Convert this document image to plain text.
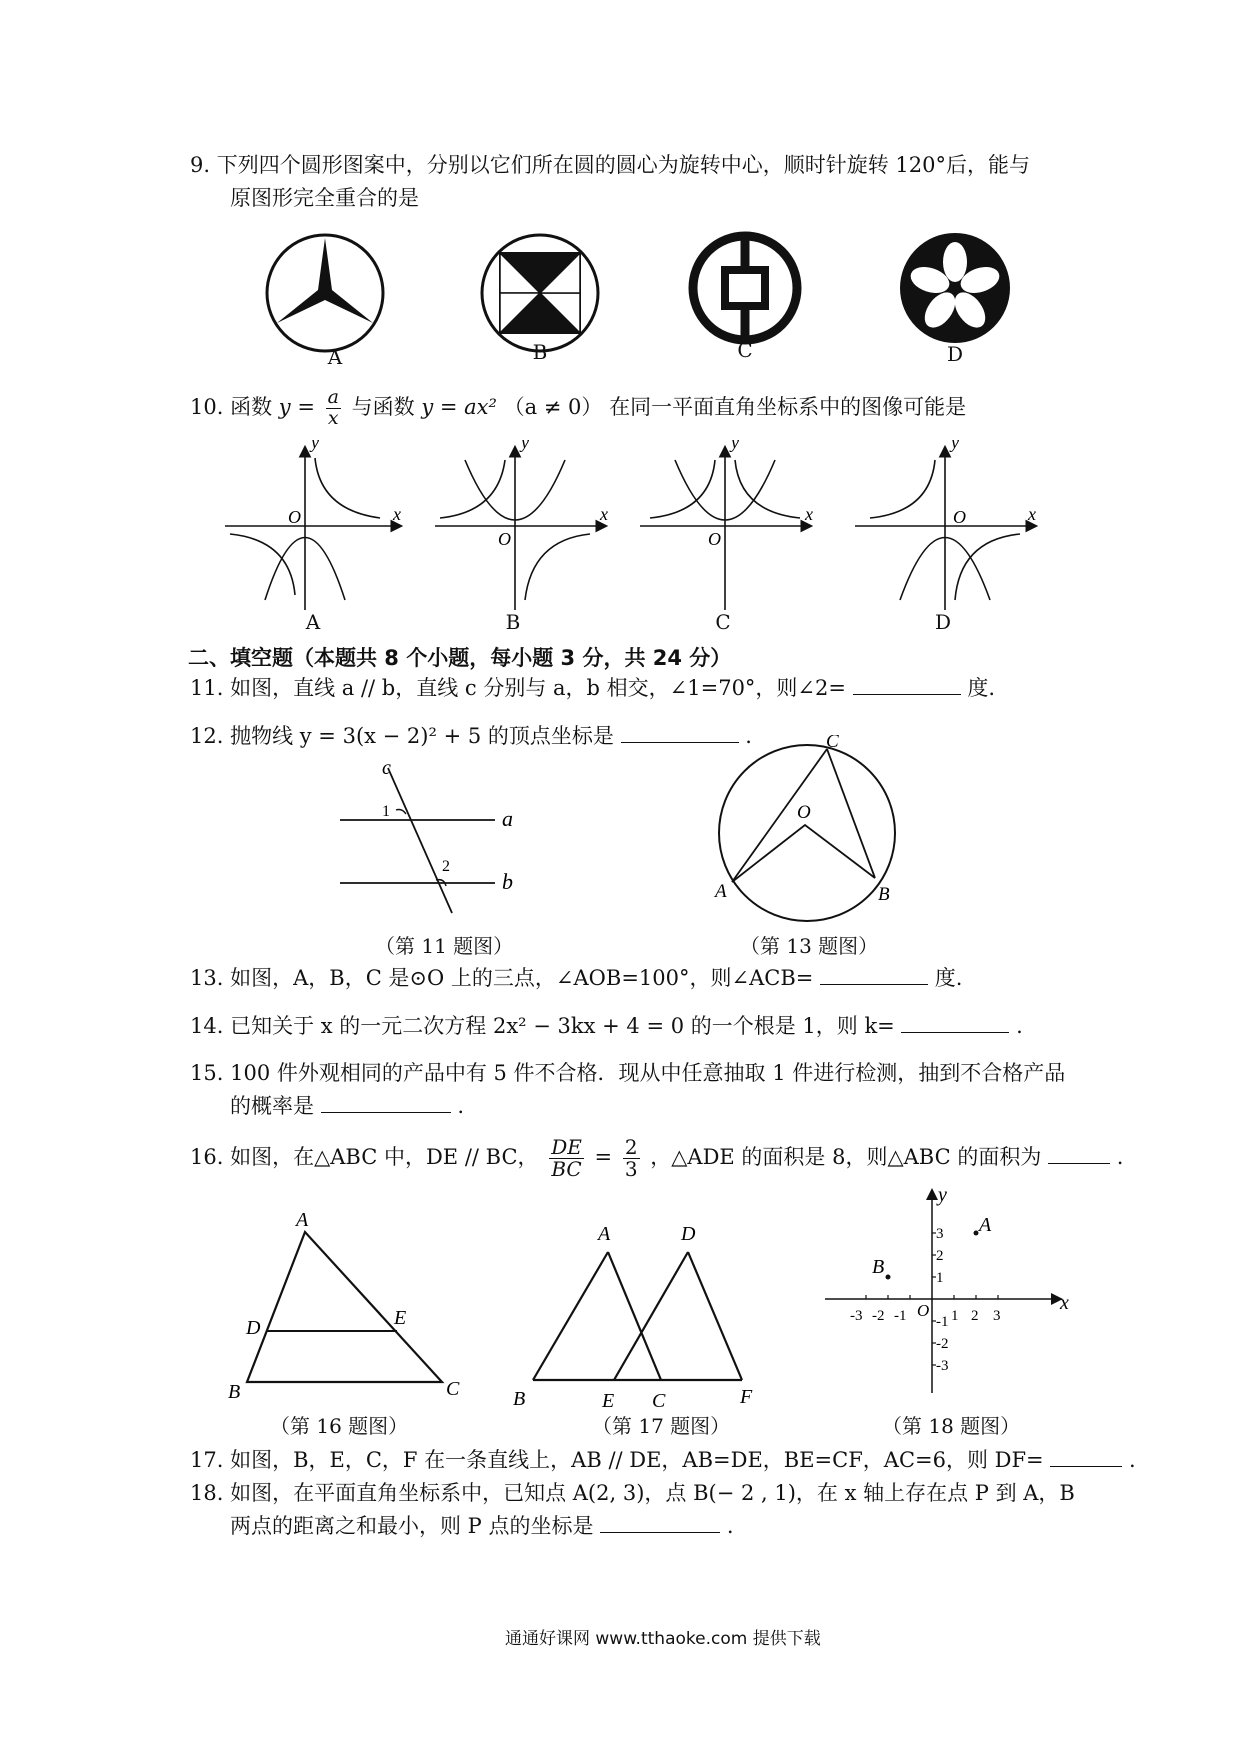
9. 下列四个圆形图案中，分别以它们所在圆的圆心为旋转中心，顺时针旋转 120°后，能与
原图形完全重合的是
A	B	C	D
10. 函数 $y = \frac{a}{x}$ 与函数 y = ax² （a ≠ 0） 在同一平面直角坐标系中的图像可能是
y
x
O
y
x
O
y
x
O
y
x
O
A	B	C	D
二、填空题（本题共 8 个小题，每小题 3 分，共 24 分）
11. 如图，直线 a // b，直线 c 分别与 a，b 相交，∠1=70°，则∠2=	度.
12. 抛物线 y = 3(x − 2)² + 5 的顶点坐标是	.
c
1
2
a
b
（第 11 题图）
C
O
A	B
（第 13 题图）
13. 如图，A，B，C 是⊙O 上的三点，∠AOB=100°，则∠ACB=	度.
14. 已知关于 x 的一元二次方程 2x² − 3kx + 4 = 0 的一个根是 1，则 k=	.
15. 100 件外观相同的产品中有 5 件不合格．现从中任意抽取 1 件进行检测，抽到不合格产品
的概率是	.
16. 如图，在△ABC 中，DE // BC， $\frac{DE}{BC} = \frac{2}{3}$ ，△ADE 的面积是 8，则△ABC 的面积为	.
A
D	E
B	C
（第 16 题图）
A	D
B	E C	F
（第 17 题图）
y
x
O
A
B
-3 -2 -1	1 2 3
3
2
1
-1
-2
-3
（第 18 题图）
17. 如图，B，E，C，F 在一条直线上，AB // DE，AB=DE，BE=CF，AC=6，则 DF=	.
18. 如图，在平面直角坐标系中，已知点 A(2, 3)，点 B(− 2 , 1)，在 x 轴上存在点 P 到 A，B
两点的距离之和最小，则 P 点的坐标是	.
通通好课网 www.tthaoke.com 提供下载
